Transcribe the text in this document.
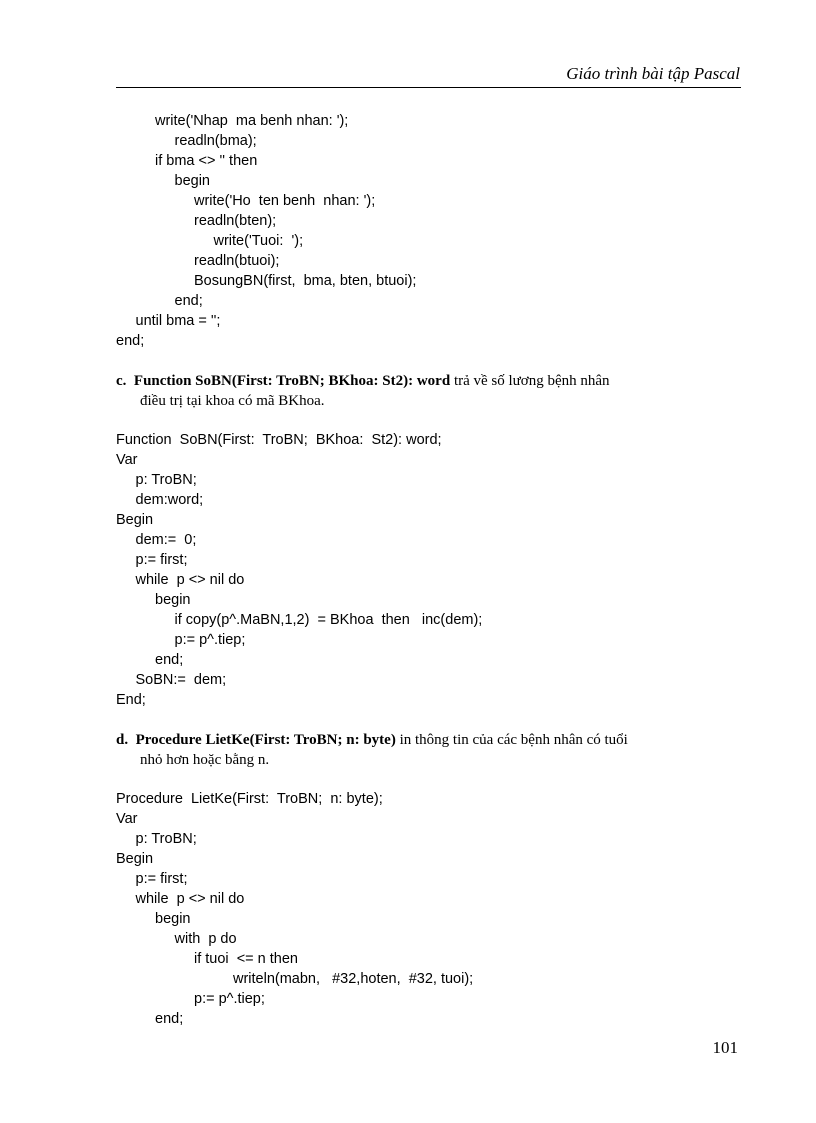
Giáo trình bài tập Pascal
write('Nhap  ma benh nhan: ');
readln(bma);
if bma <> '' then
begin
write('Ho  ten benh  nhan: ');
readln(bten);
write('Tuoi:  ');
readln(btuoi);
BosungBN(first,  bma, bten, btuoi);
end;
until bma = '';
end;
c. Function SoBN(First: TroBN; BKhoa: St2): word trả về số lương bệnh nhân
điều trị tại khoa có mã BKhoa.
Function  SoBN(First:  TroBN;  BKhoa:  St2): word;
Var
p: TroBN;
dem:word;
Begin
dem:=  0;
p:= first;
while  p <> nil do
begin
if copy(p^.MaBN,1,2)  = BKhoa  then   inc(dem);
p:= p^.tiep;
end;
SoBN:=  dem;
End;
d. Procedure LietKe(First: TroBN; n: byte) in thông tin của các bệnh nhân có tuổi
nhỏ hơn hoặc bằng n.
Procedure  LietKe(First:  TroBN;  n: byte);
Var
p: TroBN;
Begin
p:= first;
while  p <> nil do
begin
with  p do
if tuoi  <= n then
writeln(mabn,   #32,hoten,  #32, tuoi);
p:= p^.tiep;
end;
101
